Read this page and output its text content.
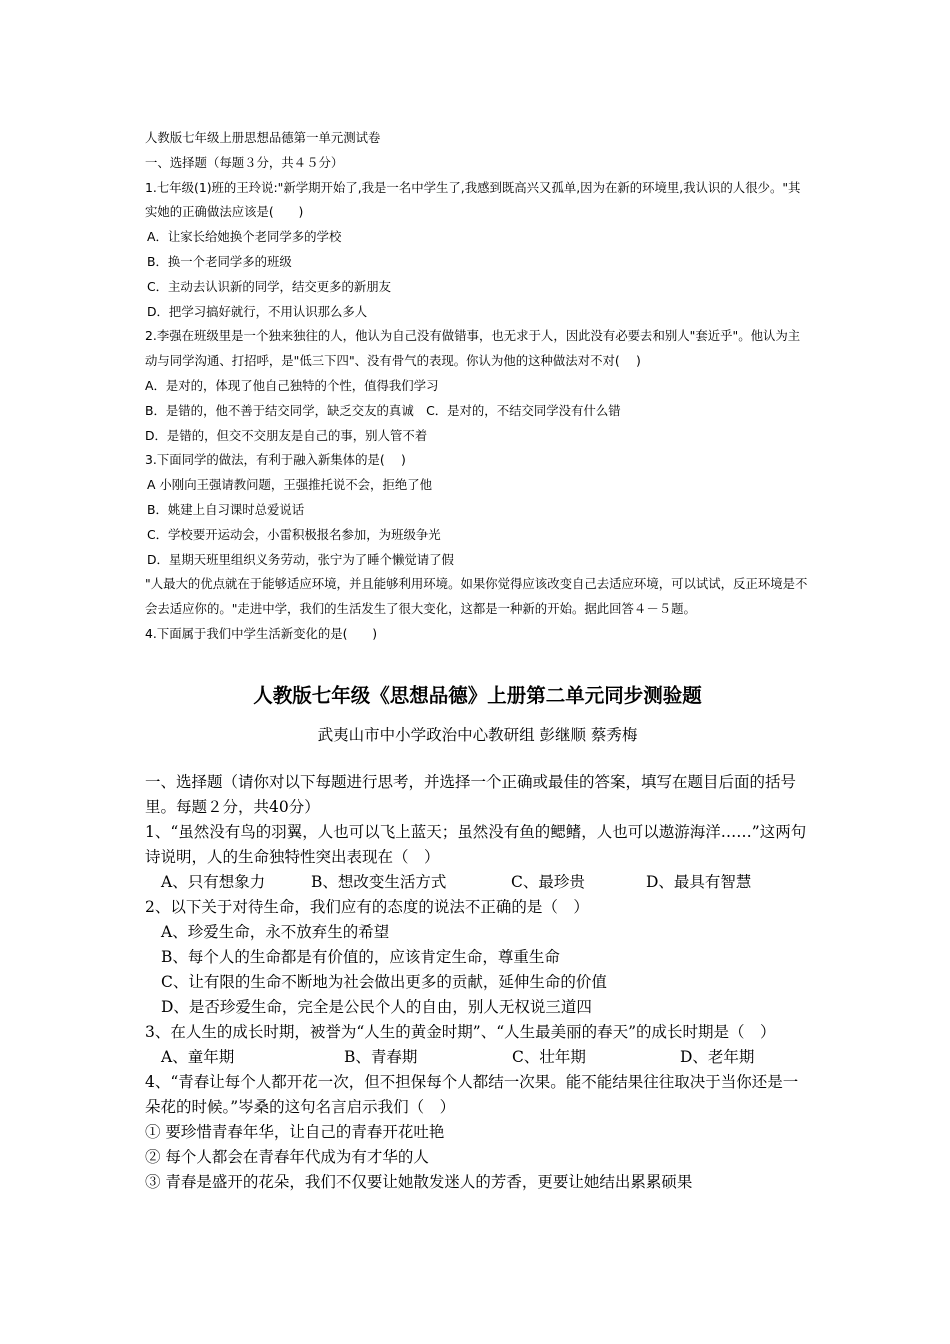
人教版七年级上册思想品德第一单元测试卷

一、选择题（每题３分，共４５分）

1.七年级(1)班的王玲说:"新学期开始了,我是一名中学生了,我感到既高兴又孤单,因为在新的环境里,我认识的人很少。"其实她的正确做法应该是(　　)

A．让家长给她换个老同学多的学校

B．换一个老同学多的班级

C．主动去认识新的同学，结交更多的新朋友

D．把学习搞好就行，不用认识那么多人

2.李强在班级里是一个独来独往的人，他认为自己没有做错事，也无求于人，因此没有必要去和别人"套近乎"。他认为主动与同学沟通、打招呼，是"低三下四"、没有骨气的表现。你认为他的这种做法对不对(　 )

A．是对的，体现了他自己独特的个性，值得我们学习

B．是错的，他不善于结交同学，缺乏交友的真诚　C．是对的，不结交同学没有什么错

D．是错的，但交不交朋友是自己的事，别人管不着

3.下面同学的做法，有利于融入新集体的是(　 )

A 小刚向王强请教问题，王强推托说不会，拒绝了他

B．姚建上自习课时总爱说话

C．学校要开运动会，小雷积极报名参加，为班级争光

D．星期天班里组织义务劳动，张宁为了睡个懒觉请了假

"人最大的优点就在于能够适应环境，并且能够利用环境。如果你觉得应该改变自己去适应环境，可以试试，反正环境是不会去适应你的。"走进中学，我们的生活发生了很大变化，这都是一种新的开始。据此回答４－５题。

4.下面属于我们中学生活新变化的是(　　)

人教版七年级《思想品德》上册第二单元同步测验题

武夷山市中小学政治中心教研组 彭继顺 蔡秀梅

一、选择题（请你对以下每题进行思考，并选择一个正确或最佳的答案，填写在题目后面的括号里。每题２分，共40分）

1、“虽然没有鸟的羽翼，人也可以飞上蓝天；虽然没有鱼的鳃鳍，人也可以遨游海洋……”这两句诗说明，人的生命独特性突出表现在（　）

A、只有想象力	B、想改变生活方式	C、最珍贵	D、最具有智慧

2、以下关于对待生命，我们应有的态度的说法不正确的是（　）

A、珍爱生命，永不放弃生的希望

B、每个人的生命都是有价值的，应该肯定生命，尊重生命

C、让有限的生命不断地为社会做出更多的贡献，延伸生命的价值

D、是否珍爱生命，完全是公民个人的自由，别人无权说三道四

3、在人生的成长时期，被誉为“人生的黄金时期”、“人生最美丽的春天”的成长时期是（　）

A、童年期	B、青春期	C、壮年期	D、老年期

4、“青春让每个人都开花一次，但不担保每个人都结一次果。能不能结果往往取决于当你还是一朵花的时候。”岑桑的这句名言启示我们（　）

① 要珍惜青春年华，让自己的青春开花吐艳

② 每个人都会在青春年代成为有才华的人

③ 青春是盛开的花朵，我们不仅要让她散发迷人的芳香，更要让她结出累累硕果
